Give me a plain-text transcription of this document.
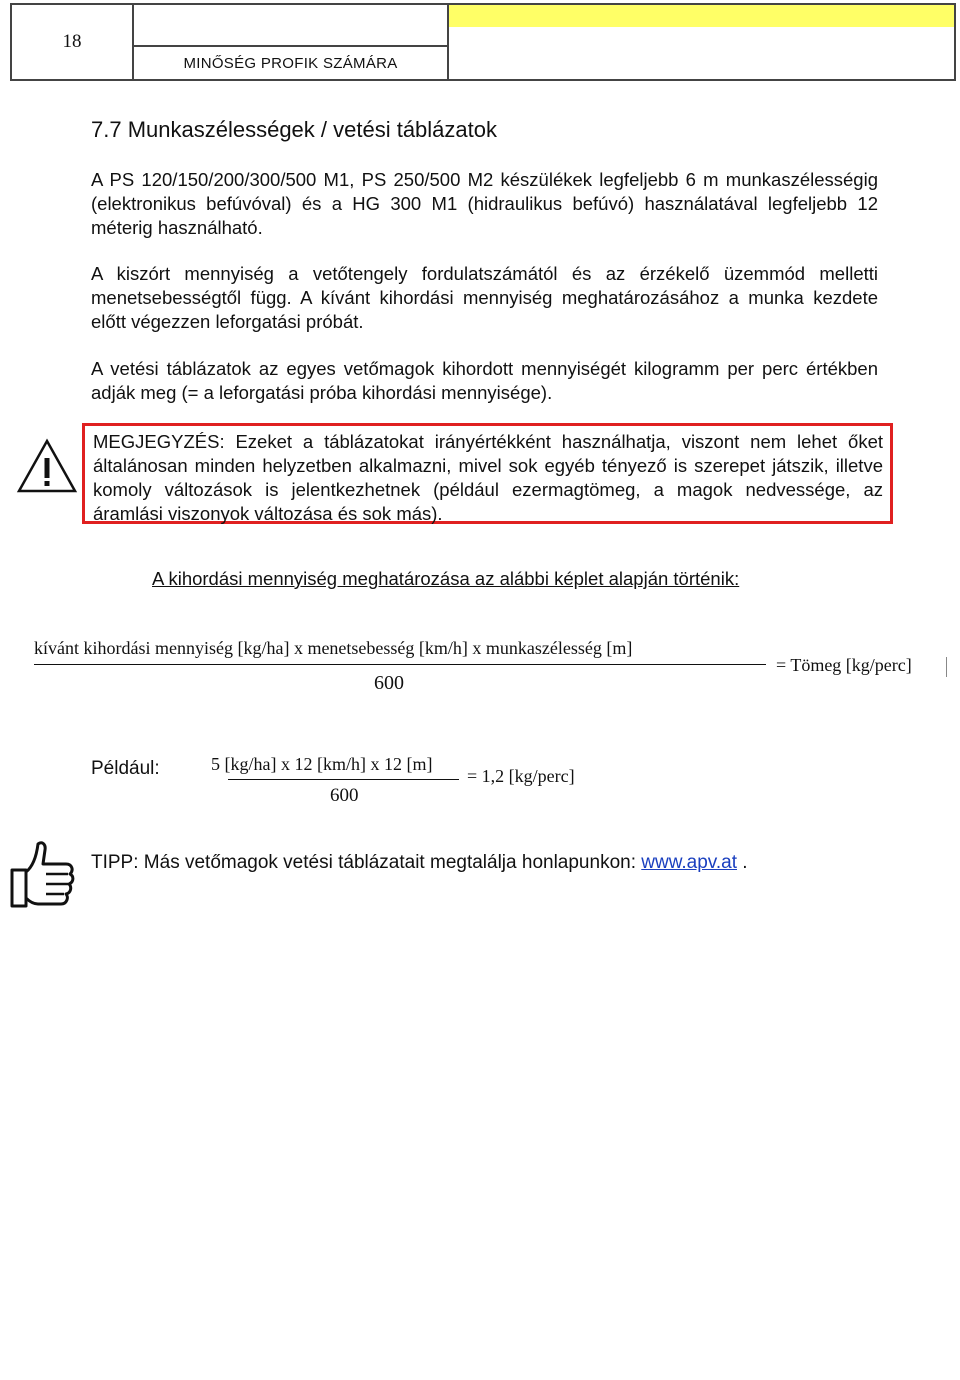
18
MINŐSÉG PROFIK SZÁMÁRA
7.7 Munkaszélességek / vetési táblázatok
A PS 120/150/200/300/500 M1, PS 250/500 M2 készülékek legfeljebb 6 m munkaszélességig (elektronikus befúvóval) és a HG 300 M1 (hidraulikus befúvó) használatával legfeljebb 12 méterig használható.
A kiszórt mennyiség a vetőtengely fordulatszámától és az érzékelő üzemmód melletti menetsebességtől függ. A kívánt kihordási mennyiség meghatározásához a munka kezdete előtt végezzen leforgatási próbát.
A vetési táblázatok az egyes vetőmagok kihordott mennyiségét kilogramm per perc értékben adják meg (= a leforgatási próba kihordási mennyisége).
MEGJEGYZÉS: Ezeket a táblázatokat irányértékként használhatja, viszont nem lehet őket általánosan minden helyzetben alkalmazni, mivel sok egyéb tényező is szerepet játszik, illetve komoly változások is jelentkezhetnek (például ezermagtömeg, a magok nedvessége, az áramlási viszonyok változása és sok más).
A kihordási mennyiség meghatározása az alábbi képlet alapján történik:
kívánt kihordási mennyiség [kg/ha] x menetsebesség [km/h] x munkaszélesség [m]
600
= Tömeg [kg/perc]
Például:	5 [kg/ha] x 12 [km/h] x 12 [m]
600
= 1,2 [kg/perc]
TIPP: Más vetőmagok vetési táblázatait megtalálja honlapunkon: www.apv.at .
